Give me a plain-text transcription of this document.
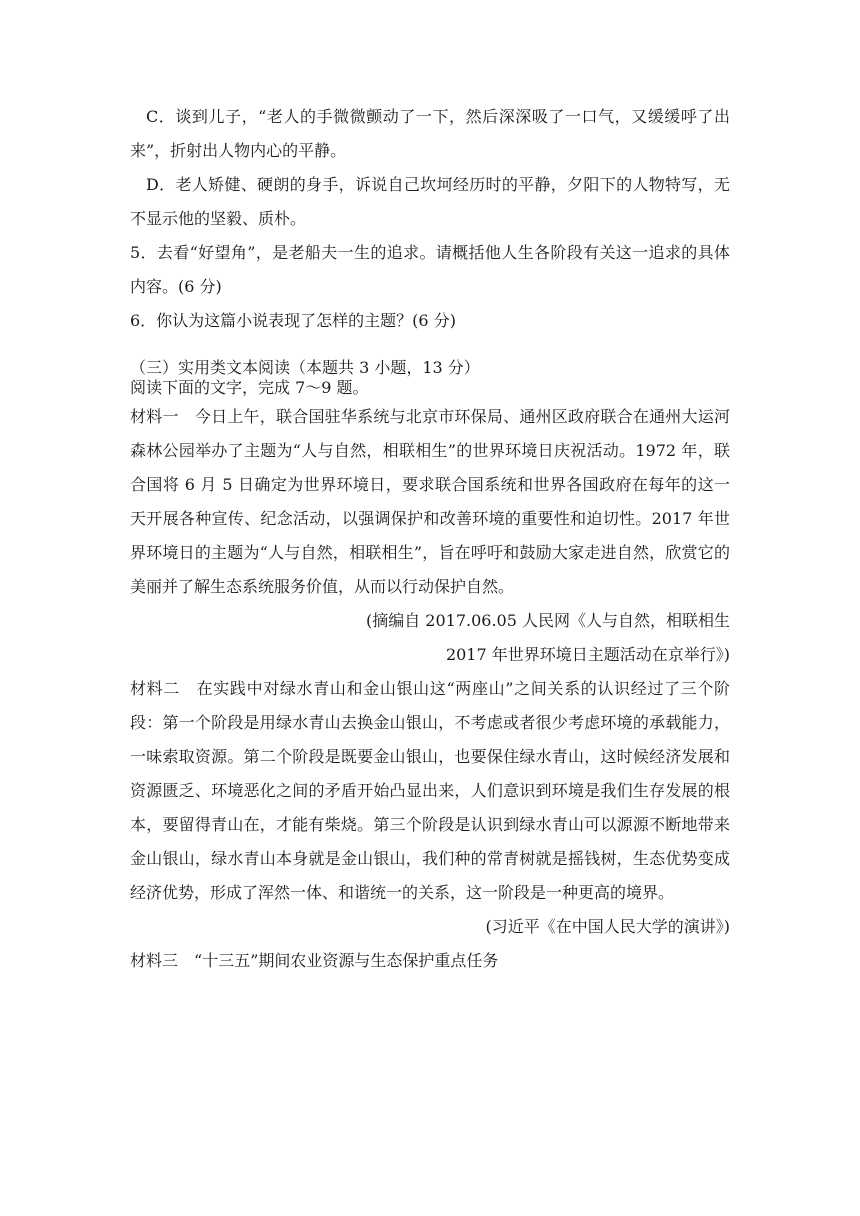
C．谈到儿子，“老人的手微微颤动了一下，然后深深吸了一口气，又缓缓呼了出来”，折射出人物内心的平静。

D．老人矫健、硬朗的身手，诉说自己坎坷经历时的平静，夕阳下的人物特写，无不显示他的坚毅、质朴。

5．去看“好望角”，是老船夫一生的追求。请概括他人生各阶段有关这一追求的具体内容。(6 分)

6．你认为这篇小说表现了怎样的主题？(6 分)

（三）实用类文本阅读（本题共 3 小题，13 分）

阅读下面的文字，完成 7～9 题。

材料一　今日上午，联合国驻华系统与北京市环保局、通州区政府联合在通州大运河森林公园举办了主题为“人与自然，相联相生”的世界环境日庆祝活动。1972 年，联合国将 6 月 5 日确定为世界环境日，要求联合国系统和世界各国政府在每年的这一天开展各种宣传、纪念活动，以强调保护和改善环境的重要性和迫切性。2017 年世界环境日的主题为“人与自然，相联相生”，旨在呼吁和鼓励大家走进自然，欣赏它的美丽并了解生态系统服务价值，从而以行动保护自然。

(摘编自 2017.06.05 人民网《人与自然，相联相生

2017 年世界环境日主题活动在京举行》)

材料二　在实践中对绿水青山和金山银山这“两座山”之间关系的认识经过了三个阶段：第一个阶段是用绿水青山去换金山银山，不考虑或者很少考虑环境的承载能力，一味索取资源。第二个阶段是既要金山银山，也要保住绿水青山，这时候经济发展和资源匮乏、环境恶化之间的矛盾开始凸显出来，人们意识到环境是我们生存发展的根本，要留得青山在，才能有柴烧。第三个阶段是认识到绿水青山可以源源不断地带来金山银山，绿水青山本身就是金山银山，我们种的常青树就是摇钱树，生态优势变成经济优势，形成了浑然一体、和谐统一的关系，这一阶段是一种更高的境界。

(习近平《在中国人民大学的演讲》)

材料三　“十三五”期间农业资源与生态保护重点任务
